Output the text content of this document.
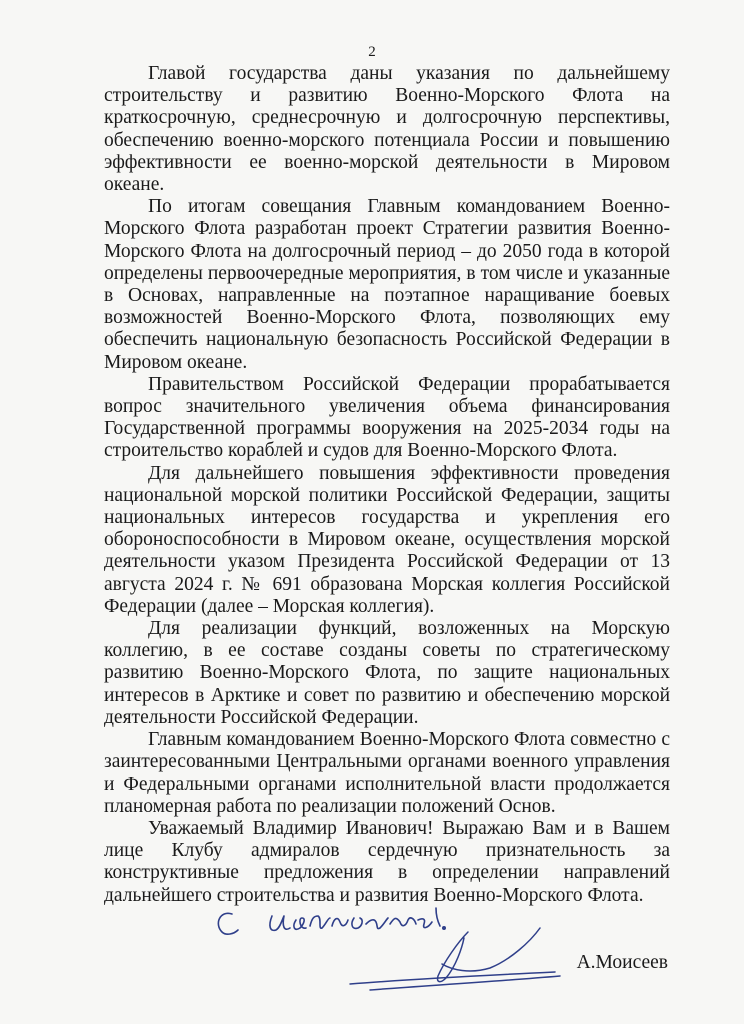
2

Главой государства даны указания по дальнейшему строительству и развитию Военно-Морского Флота на краткосрочную, среднесрочную и долгосрочную перспективы, обеспечению военно-морского потенциала России и повышению эффективности ее военно-морской деятельности в Мировом океане.

По итогам совещания Главным командованием Военно-Морского Флота разработан проект Стратегии развития Военно-Морского Флота на долгосрочный период – до 2050 года в которой определены первоочередные мероприятия, в том числе и указанные в Основах, направленные на поэтапное наращивание боевых возможностей Военно-Морского Флота, позволяющих ему обеспечить национальную безопасность Российской Федерации в Мировом океане.

Правительством Российской Федерации прорабатывается вопрос значительного увеличения объема финансирования Государственной программы вооружения на 2025-2034 годы на строительство кораблей и судов для Военно-Морского Флота.

Для дальнейшего повышения эффективности проведения национальной морской политики Российской Федерации, защиты национальных интересов государства и укрепления его обороноспособности в Мировом океане, осуществления морской деятельности указом Президента Российской Федерации от 13 августа 2024 г. № 691 образована Морская коллегия Российской Федерации (далее – Морская коллегия).

Для реализации функций, возложенных на Морскую коллегию, в ее составе созданы советы по стратегическому развитию Военно-Морского Флота, по защите национальных интересов в Арктике и совет по развитию и обеспечению морской деятельности Российской Федерации.

Главным командованием Военно-Морского Флота совместно с заинтересованными Центральными органами военного управления и Федеральными органами исполнительной власти продолжается планомерная работа по реализации положений Основ.

Уважаемый Владимир Иванович! Выражаю Вам и в Вашем лице Клубу адмиралов сердечную признательность за конструктивные предложения в определении направлений дальнейшего строительства и развития Военно-Морского Флота.

А.Моисеев
